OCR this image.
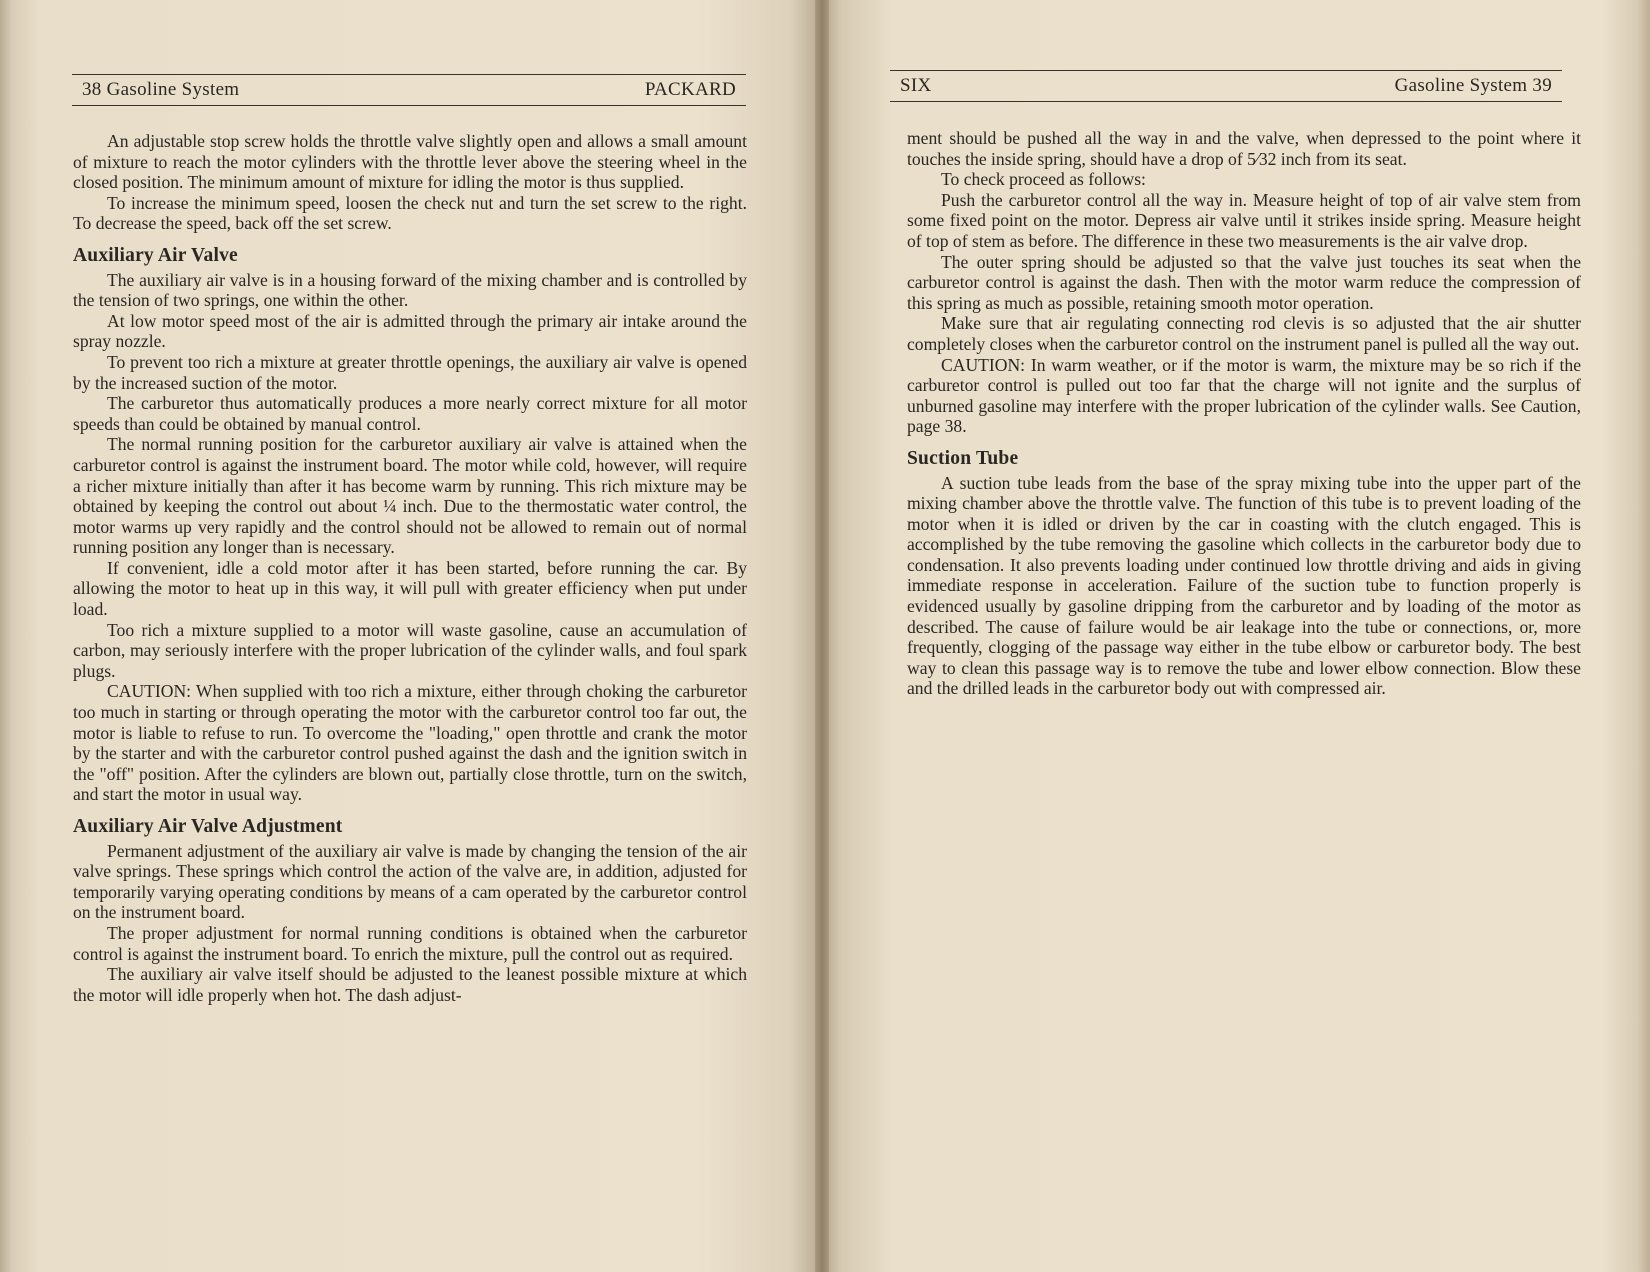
38 Gasoline System	PACKARD

An adjustable stop screw holds the throttle valve slightly open and allows a small amount of mixture to reach the motor cylinders with the throttle lever above the steering wheel in the closed position. The minimum amount of mixture for idling the motor is thus supplied.

To increase the minimum speed, loosen the check nut and turn the set screw to the right. To decrease the speed, back off the set screw.

Auxiliary Air Valve

The auxiliary air valve is in a housing forward of the mixing chamber and is controlled by the tension of two springs, one within the other.

At low motor speed most of the air is admitted through the primary air intake around the spray nozzle.

To prevent too rich a mixture at greater throttle openings, the auxiliary air valve is opened by the increased suction of the motor.

The carburetor thus automatically produces a more nearly correct mixture for all motor speeds than could be obtained by manual control.

The normal running position for the carburetor auxiliary air valve is attained when the carburetor control is against the instrument board. The motor while cold, however, will require a richer mixture initially than after it has become warm by running. This rich mixture may be obtained by keeping the control out about ¼ inch. Due to the thermostatic water control, the motor warms up very rapidly and the control should not be allowed to remain out of normal running position any longer than is necessary.

If convenient, idle a cold motor after it has been started, before running the car. By allowing the motor to heat up in this way, it will pull with greater efficiency when put under load.

Too rich a mixture supplied to a motor will waste gasoline, cause an accumulation of carbon, may seriously interfere with the proper lubrication of the cylinder walls, and foul spark plugs.

CAUTION: When supplied with too rich a mixture, either through choking the carburetor too much in starting or through operating the motor with the carburetor control too far out, the motor is liable to refuse to run. To overcome the "loading," open throttle and crank the motor by the starter and with the carburetor control pushed against the dash and the ignition switch in the "off" position. After the cylinders are blown out, partially close throttle, turn on the switch, and start the motor in usual way.

Auxiliary Air Valve Adjustment

Permanent adjustment of the auxiliary air valve is made by changing the tension of the air valve springs. These springs which control the action of the valve are, in addition, adjusted for temporarily varying operating conditions by means of a cam operated by the carburetor control on the instrument board.

The proper adjustment for normal running conditions is obtained when the carburetor control is against the instrument board. To enrich the mixture, pull the control out as required.

The auxiliary air valve itself should be adjusted to the leanest possible mixture at which the motor will idle properly when hot. The dash adjust-

SIX	Gasoline System 39

ment should be pushed all the way in and the valve, when depressed to the point where it touches the inside spring, should have a drop of 5⁄32 inch from its seat.

To check proceed as follows:

Push the carburetor control all the way in. Measure height of top of air valve stem from some fixed point on the motor. Depress air valve until it strikes inside spring. Measure height of top of stem as before. The difference in these two measurements is the air valve drop.

The outer spring should be adjusted so that the valve just touches its seat when the carburetor control is against the dash. Then with the motor warm reduce the compression of this spring as much as possible, retaining smooth motor operation.

Make sure that air regulating connecting rod clevis is so adjusted that the air shutter completely closes when the carburetor control on the instrument panel is pulled all the way out.

CAUTION: In warm weather, or if the motor is warm, the mixture may be so rich if the carburetor control is pulled out too far that the charge will not ignite and the surplus of unburned gasoline may interfere with the proper lubrication of the cylinder walls. See Caution, page 38.

Suction Tube

A suction tube leads from the base of the spray mixing tube into the upper part of the mixing chamber above the throttle valve. The function of this tube is to prevent loading of the motor when it is idled or driven by the car in coasting with the clutch engaged. This is accomplished by the tube removing the gasoline which collects in the carburetor body due to condensation. It also prevents loading under continued low throttle driving and aids in giving immediate response in acceleration. Failure of the suction tube to function properly is evidenced usually by gasoline dripping from the carburetor and by loading of the motor as described. The cause of failure would be air leakage into the tube or connections, or, more frequently, clogging of the passage way either in the tube elbow or carburetor body. The best way to clean this passage way is to remove the tube and lower elbow connection. Blow these and the drilled leads in the carburetor body out with compressed air.
